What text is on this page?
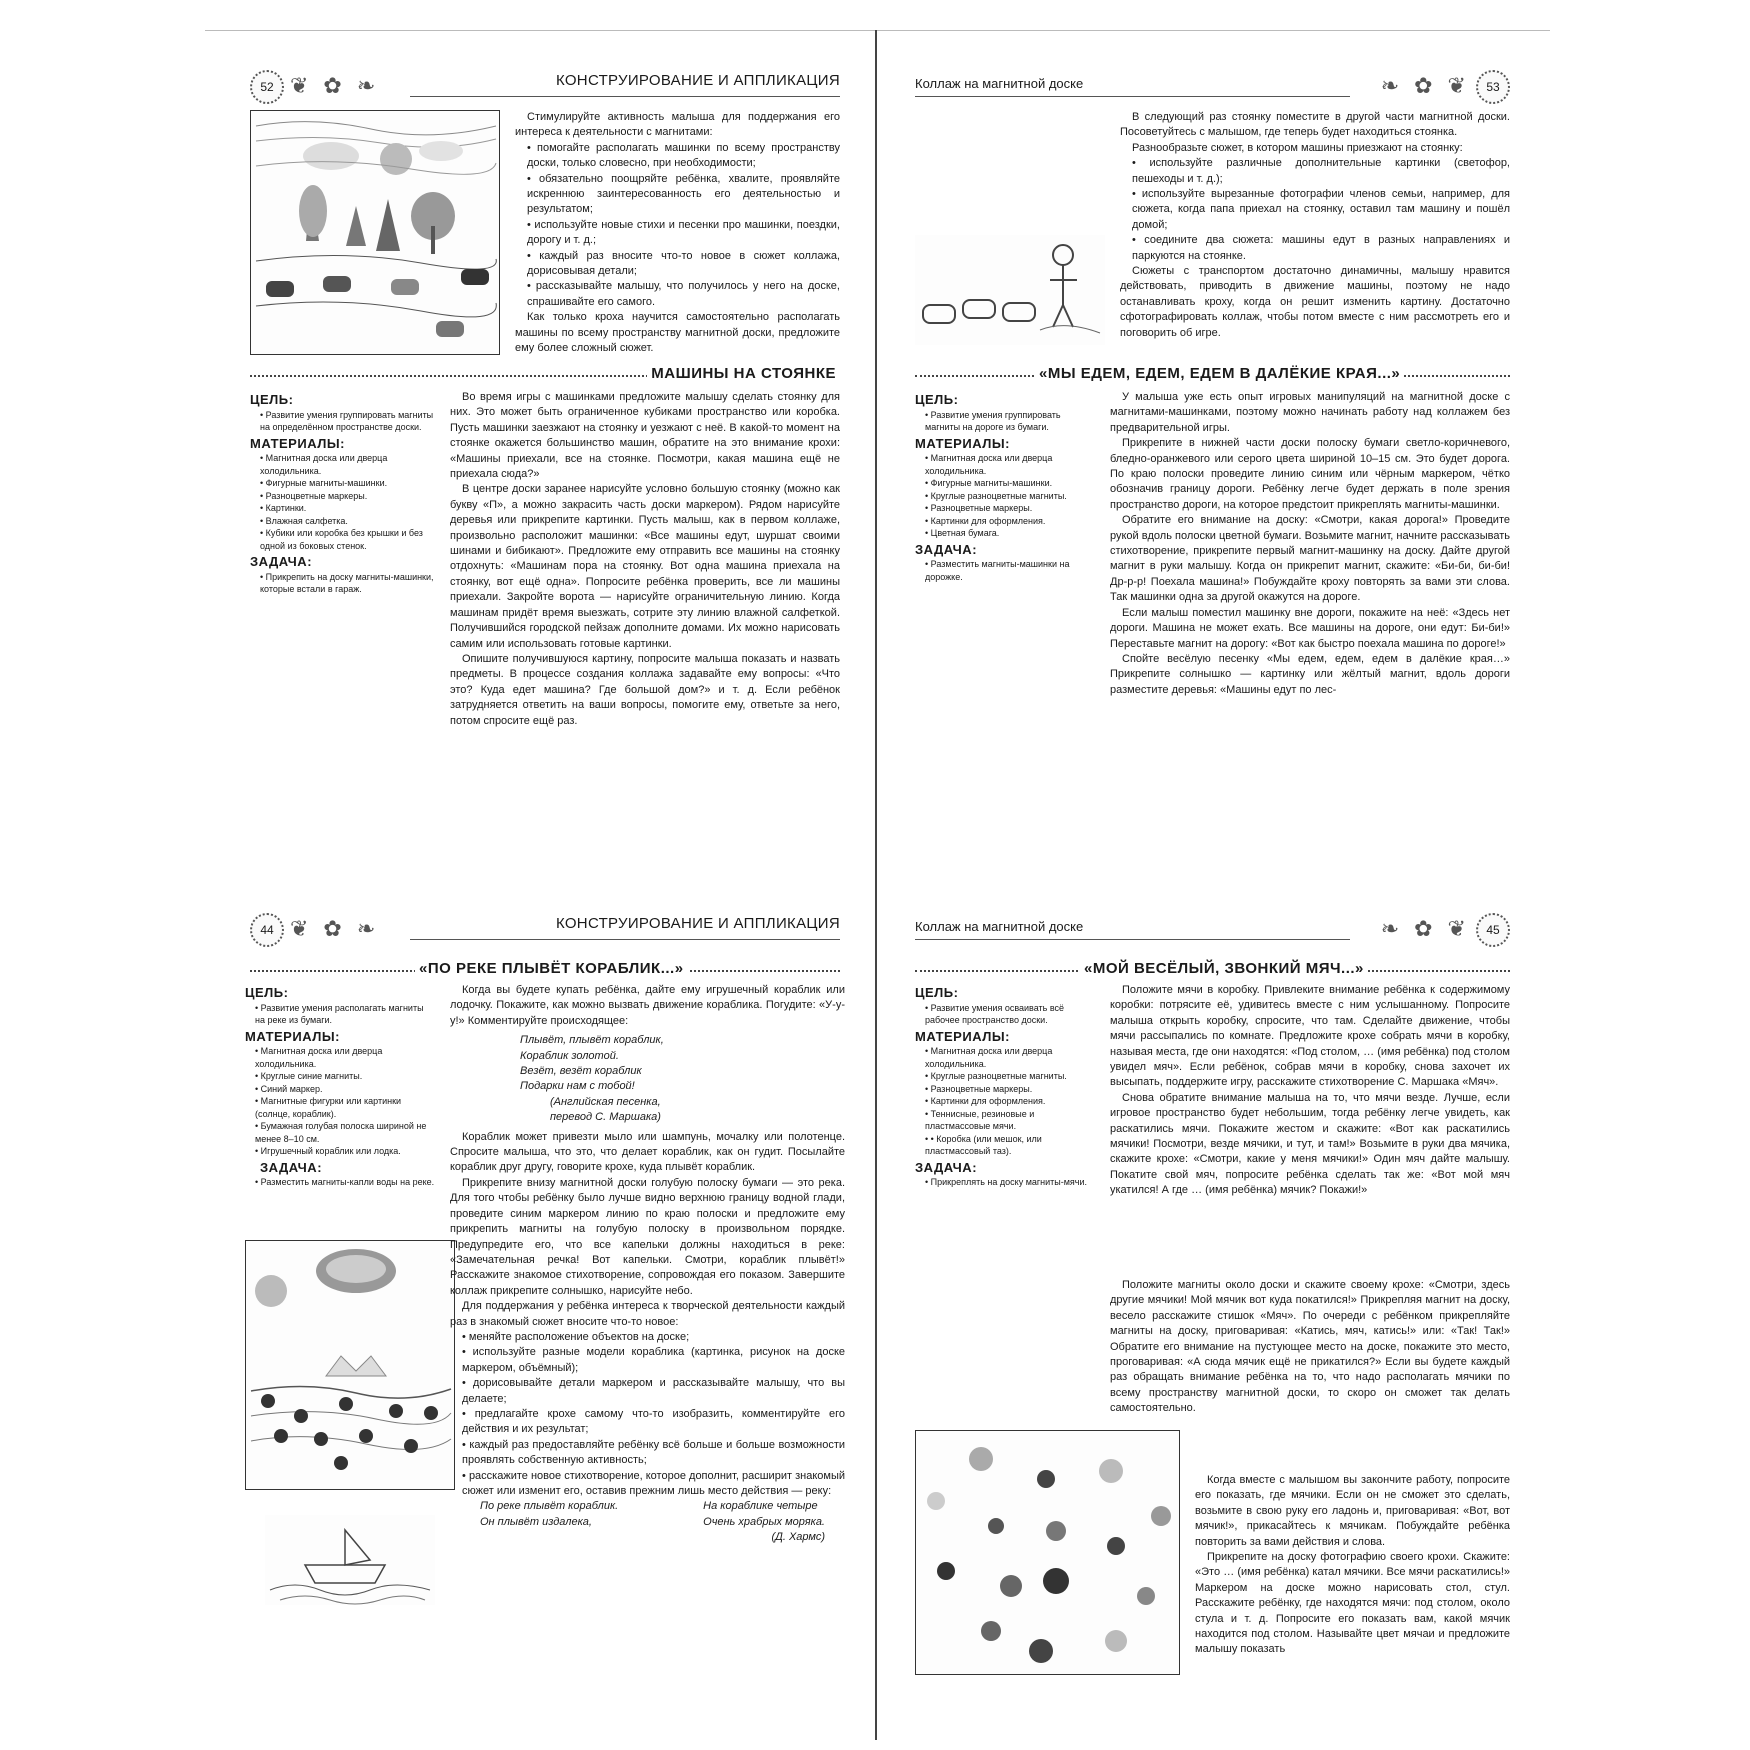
52 ❦ ✿ ❧	КОНСТРУИРОВАНИЕ И АППЛИКАЦИЯ

Стимулируйте активность малыша для поддержания его интереса к деятельности с магнитами:

• помогайте располагать машинки по всему пространству доски, только словесно, при необходимости;

• обязательно поощряйте ребёнка, хвалите, проявляйте искреннюю заинтересованность его деятельностью и результатом;

• используйте новые стихи и песенки про машинки, поездки, дорогу и т. д.;

• каждый раз вносите что-то новое в сюжет коллажа, дорисовывая детали;

• рассказывайте малышу, что получилось у него на доске, спрашивайте его самого.

Как только кроха научится самостоятельно располагать машины по всему пространству магнитной доски, предложите ему более сложный сюжет.

МАШИНЫ НА СТОЯНКЕ
ЦЕЛЬ:
• Развитие умения группировать магниты на определённом пространстве доски.
МАТЕРИАЛЫ:
• Магнитная доска или дверца холодильника.
• Фигурные магниты-машинки.
• Разноцветные маркеры.
• Картинки.
• Влажная салфетка.
• Кубики или коробка без крышки и без одной из боковых стенок.
ЗАДАЧА:
• Прикрепить на доску магниты-машинки, которые встали в гараж.

Во время игры с машинками предложите малышу сделать стоянку для них. Это может быть ограниченное кубиками пространство или коробка. Пусть машинки заезжают на стоянку и уезжают с неё. В какой-то момент на стоянке окажется большинство машин, обратите на это внимание крохи: «Машины приехали, все на стоянке. Посмотри, какая машина ещё не приехала сюда?»

В центре доски заранее нарисуйте условно большую стоянку (можно как букву «П», а можно закрасить часть доски маркером). Рядом нарисуйте деревья или прикрепите картинки. Пусть малыш, как в первом коллаже, произвольно расположит машинки: «Все машины едут, шуршат своими шинами и бибикают». Предложите ему отправить все машины на стоянку отдохнуть: «Машинам пора на стоянку. Вот одна машина приехала на стоянку, вот ещё одна». Попросите ребёнка проверить, все ли машины приехали. Закройте ворота — нарисуйте ограничительную линию. Когда машинам придёт время выезжать, сотрите эту линию влажной салфеткой. Получившийся городской пейзаж дополните домами. Их можно нарисовать самим или использовать готовые картинки.

Опишите получившуюся картину, попросите малыша показать и назвать предметы. В процессе создания коллажа задавайте ему вопросы: «Что это? Куда едет машина? Где большой дом?» и т. д. Если ребёнок затрудняется ответить на ваши вопросы, помогите ему, ответьте за него, потом спросите ещё раз.

Коллаж на магнитной доске	❧ ✿ ❦	53

В следующий раз стоянку поместите в другой части магнитной доски. Посоветуйтесь с малышом, где теперь будет находиться стоянка.

Разнообразьте сюжет, в котором машины приезжают на стоянку:

• используйте различные дополнительные картинки (светофор, пешеходы и т. д.);

• используйте вырезанные фотографии членов семьи, например, для сюжета, когда папа приехал на стоянку, оставил там машину и пошёл домой;

• соедините два сюжета: машины едут в разных направлениях и паркуются на стоянке.

Сюжеты с транспортом достаточно динамичны, малышу нравится действовать, приводить в движение машины, поэтому не надо останавливать кроху, когда он решит изменить картину. Достаточно сфотографировать коллаж, чтобы потом вместе с ним рассмотреть его и поговорить об игре.

«МЫ ЕДЕМ, ЕДЕМ, ЕДЕМ В ДАЛЁКИЕ КРАЯ...»
ЦЕЛЬ:
• Развитие умения группировать магниты на дороге из бумаги.
МАТЕРИАЛЫ:
• Магнитная доска или дверца холодильника.
• Фигурные магниты-машинки.
• Круглые разноцветные магниты.
• Разноцветные маркеры.
• Картинки для оформления.
• Цветная бумага.
ЗАДАЧА:
• Разместить магниты-машинки на дорожке.

У малыша уже есть опыт игровых манипуляций на магнитной доске с магнитами-машинками, поэтому можно начинать работу над коллажем без предварительной игры.

Прикрепите в нижней части доски полоску бумаги светло-коричневого, бледно-оранжевого или серого цвета шириной 10–15 см. Это будет дорога. По краю полоски проведите линию синим или чёрным маркером, чётко обозначив границу дороги. Ребёнку легче будет держать в поле зрения пространство дороги, на которое предстоит прикреплять магниты-машинки.

Обратите его внимание на доску: «Смотри, какая дорога!» Проведите рукой вдоль полоски цветной бумаги. Возьмите магнит, начните рассказывать стихотворение, прикрепите первый магнит-машинку на доску. Дайте другой магнит в руки малышу. Когда он прикрепит магнит, скажите: «Би-би, би-би! Др-р-р! Поехала машина!» Побуждайте кроху повторять за вами эти слова. Так машинки одна за другой окажутся на дороге.

Если малыш поместил машинку вне дороги, покажите на неё: «Здесь нет дороги. Машина не может ехать. Все машины на дороге, они едут: Би-би!» Переставьте магнит на дорогу: «Вот как быстро поехала машина по дороге!»

Спойте весёлую песенку «Мы едем, едем, едем в далёкие края…» Прикрепите солнышко — картинку или жёлтый магнит, вдоль дороги разместите деревья: «Машины едут по лес-

44 ❦ ✿ ❧	КОНСТРУИРОВАНИЕ И АППЛИКАЦИЯ
«ПО РЕКЕ ПЛЫВЁТ КОРАБЛИК...»
ЦЕЛЬ:
• Развитие умения располагать магниты на реке из бумаги.
МАТЕРИАЛЫ:
• Магнитная доска или дверца холодильника.
• Круглые синие магниты.
• Синий маркер.
• Магнитные фигурки или картинки (солнце, кораблик).
• Бумажная голубая полоска шириной не менее 8–10 см.
• Игрушечный кораблик или лодка.
ЗАДАЧА:
• Разместить магниты-капли воды на реке.

Когда вы будете купать ребёнка, дайте ему игрушечный кораблик или лодочку. Покажите, как можно вызвать движение кораблика. Погудите: «У-у-у!» Комментируйте происходящее:

Плывёт, плывёт кораблик,
Кораблик золотой.
Везёт, везёт кораблик
Подарки нам с тобой!
(Английская песенка,
перевод С. Маршака)

Кораблик может привезти мыло или шампунь, мочалку или полотенце. Спросите малыша, что это, что делает кораблик, как он гудит. Посылайте кораблик друг другу, говорите крохе, куда плывёт кораблик.

Прикрепите внизу магнитной доски голубую полоску бумаги — это река. Для того чтобы ребёнку было лучше видно верхнюю границу водной глади, проведите синим маркером линию по краю полоски и предложите ему прикрепить магниты на голубую полоску в произвольном порядке. Предупредите его, что все капельки должны находиться в реке: «Замечательная речка! Вот капельки. Смотри, кораблик плывёт!» Расскажите знакомое стихотворение, сопровождая его показом. Завершите коллаж прикрепите солнышко, нарисуйте небо.

Для поддержания у ребёнка интереса к творческой деятельности каждый раз в знакомый сюжет вносите что-то новое:

• меняйте расположение объектов на доске;

• используйте разные модели кораблика (картинка, рисунок на доске маркером, объёмный);

• дорисовывайте детали маркером и рассказывайте малышу, что вы делаете;

• предлагайте крохе самому что-то изобразить, комментируйте его действия и их результат;

• каждый раз предоставляйте ребёнку всё больше и больше возможности проявлять собственную активность;

• расскажите новое стихотворение, которое дополнит, расширит знакомый сюжет или изменит его, оставив прежним лишь место действия — реку:

По реке плывёт кораблик.
Он плывёт издалека,
На кораблике четыре
Очень храбрых моряка.
(Д. Хармс)
Коллаж на магнитной доске	❧ ✿ ❦	45
«МОЙ ВЕСЁЛЫЙ, ЗВОНКИЙ МЯЧ...»
ЦЕЛЬ:
• Развитие умения осваивать всё рабочее пространство доски.
МАТЕРИАЛЫ:
• Магнитная доска или дверца холодильника.
• Круглые разноцветные магниты.
• Разноцветные маркеры.
• Картинки для оформления.
• Теннисные, резиновые и пластмассовые мячи.
• • Коробка (или мешок, или пластмассовый таз).
ЗАДАЧА:
• Прикреплять на доску магниты-мячи.

Положите мячи в коробку. Привлеките внимание ребёнка к содержимому коробки: потрясите её, удивитесь вместе с ним услышанному. Попросите малыша открыть коробку, спросите, что там. Сделайте движение, чтобы мячи рассыпались по комнате. Предложите крохе собрать мячи в коробку, называя места, где они находятся: «Под столом, … (имя ребёнка) под столом увидел мяч». Если ребёнок, собрав мячи в коробку, снова захочет их высыпать, поддержите игру, расскажите стихотворение С. Маршака «Мяч».

Снова обратите внимание малыша на то, что мячи везде. Лучше, если игровое пространство будет небольшим, тогда ребёнку легче увидеть, как раскатились мячи. Покажите жестом и скажите: «Вот как раскатились мячики! Посмотри, везде мячики, и тут, и там!» Возьмите в руки два мячика, скажите крохе: «Смотри, какие у меня мячики!» Один мяч дайте малышу. Покатите свой мяч, попросите ребёнка сделать так же: «Вот мой мяч укатился! А где … (имя ребёнка) мячик? Покажи!»

Положите магниты около доски и скажите своему крохе: «Смотри, здесь другие мячики! Мой мячик вот куда покатился!» Прикрепляя магнит на доску, весело расскажите стишок «Мяч». По очереди с ребёнком прикрепляйте магниты на доску, приговаривая: «Катись, мяч, катись!» или: «Так! Так!» Обратите его внимание на пустующее место на доске, покажите это место, проговаривая: «А сюда мячик ещё не прикатился?» Если вы будете каждый раз обращать внимание ребёнка на то, что надо располагать мячики по всему пространству магнитной доски, то скоро он сможет так делать самостоятельно.

Когда вместе с малышом вы закончите работу, попросите его показать, где мячики. Если он не сможет это сделать, возьмите в свою руку его ладонь и, приговаривая: «Вот, вот мячик!», прикасайтесь к мячикам. Побуждайте ребёнка повторить за вами действия и слова.

Прикрепите на доску фотографию своего крохи. Скажите: «Это … (имя ребёнка) катал мячики. Все мячи раскатились!» Маркером на доске можно нарисовать стол, стул. Расскажите ребёнку, где находятся мячи: под столом, около стула и т. д. Попросите его показать вам, какой мячик находится под столом. Называйте цвет мячаи и предложите малышу показать
